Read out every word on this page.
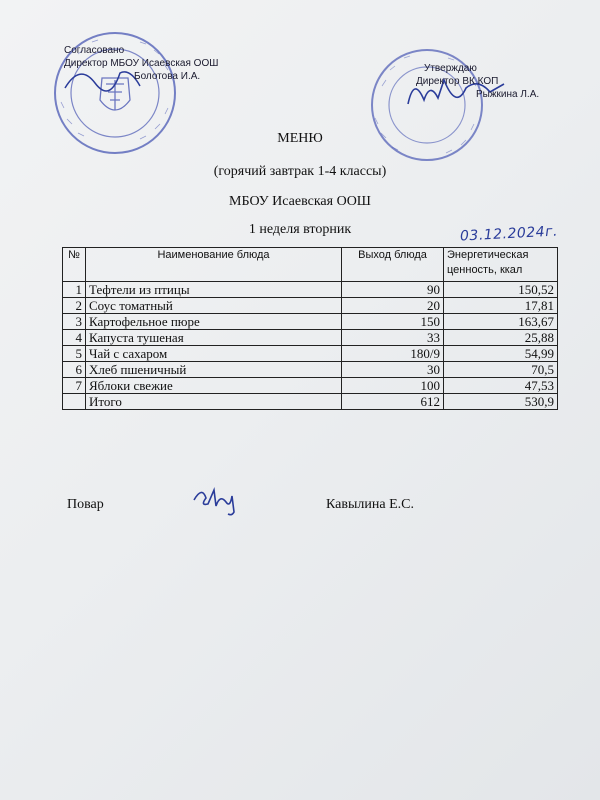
Согласовано
Директор МБОУ Исаевская ООШ
Болотова И.А.
Утверждаю
Директор ВК КОП
Рыжкина Л.А.
МЕНЮ
(горячий завтрак 1-4 классы)
МБОУ Исаевская ООШ
1 неделя вторник	03.12.2024г.
№	Наименование блюда	Выход блюда	Энергетическая ценность, ккал
1	Тефтели из птицы	90	150,52
2	Соус томатный	20	17,81
3	Картофельное пюре	150	163,67
4	Капуста тушеная	33	25,88
5	Чай с сахаром	180/9	54,99
6	Хлеб пшеничный	30	70,5
7	Яблоки свежие	100	47,53
	Итого	612	530,9
Повар	Кавылина Е.С.
